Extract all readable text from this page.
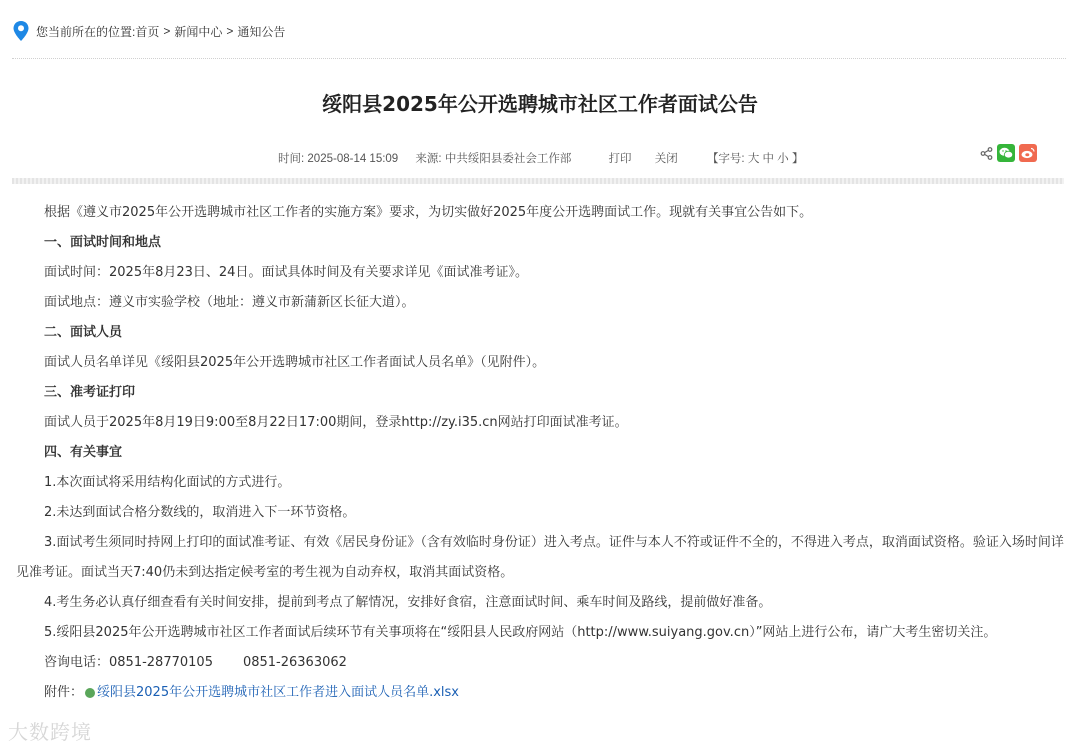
您当前所在的位置: 首页 > 新闻中心 > 通知公告
绥阳县2025年公开选聘城市社区工作者面试公告
时间: 2025-08-14 15:09 来源: 中共绥阳县委社会工作部	打印 关闭	【字号: 大 中 小 】

根据《遵义市2025年公开选聘城市社区工作者的实施方案》要求，为切实做好2025年度公开选聘面试工作。现就有关事宜公告如下。

一、面试时间和地点

面试时间：2025年8月23日、24日。面试具体时间及有关要求详见《面试准考证》。

面试地点：遵义市实验学校（地址：遵义市新蒲新区长征大道）。

二、面试人员

面试人员名单详见《绥阳县2025年公开选聘城市社区工作者面试人员名单》（见附件）。

三、准考证打印

面试人员于2025年8月19日9:00至8月22日17:00期间，登录http://zy.i35.cn网站打印面试准考证。

四、有关事宜

1.本次面试将采用结构化面试的方式进行。

2.未达到面试合格分数线的，取消进入下一环节资格。

3.面试考生须同时持网上打印的面试准考证、有效《居民身份证》（含有效临时身份证）进入考点。证件与本人不符或证件不全的，不得进入考点，取消面试资格。验证入场时间详见准考证。面试当天7:40仍未到达指定候考室的考生视为自动弃权，取消其面试资格。

4.考生务必认真仔细查看有关时间安排，提前到考点了解情况，安排好食宿，注意面试时间、乘车时间及路线，提前做好准备。

5.绥阳县2025年公开选聘城市社区工作者面试后续环节有关事项将在“绥阳县人民政府网站（http://www.suiyang.gov.cn）”网站上进行公布，请广大考生密切关注。

咨询电话：0851-28770105 0851-26363062

附件： 绥阳县2025年公开选聘城市社区工作者进入面试人员名单.xlsx

大数跨境
